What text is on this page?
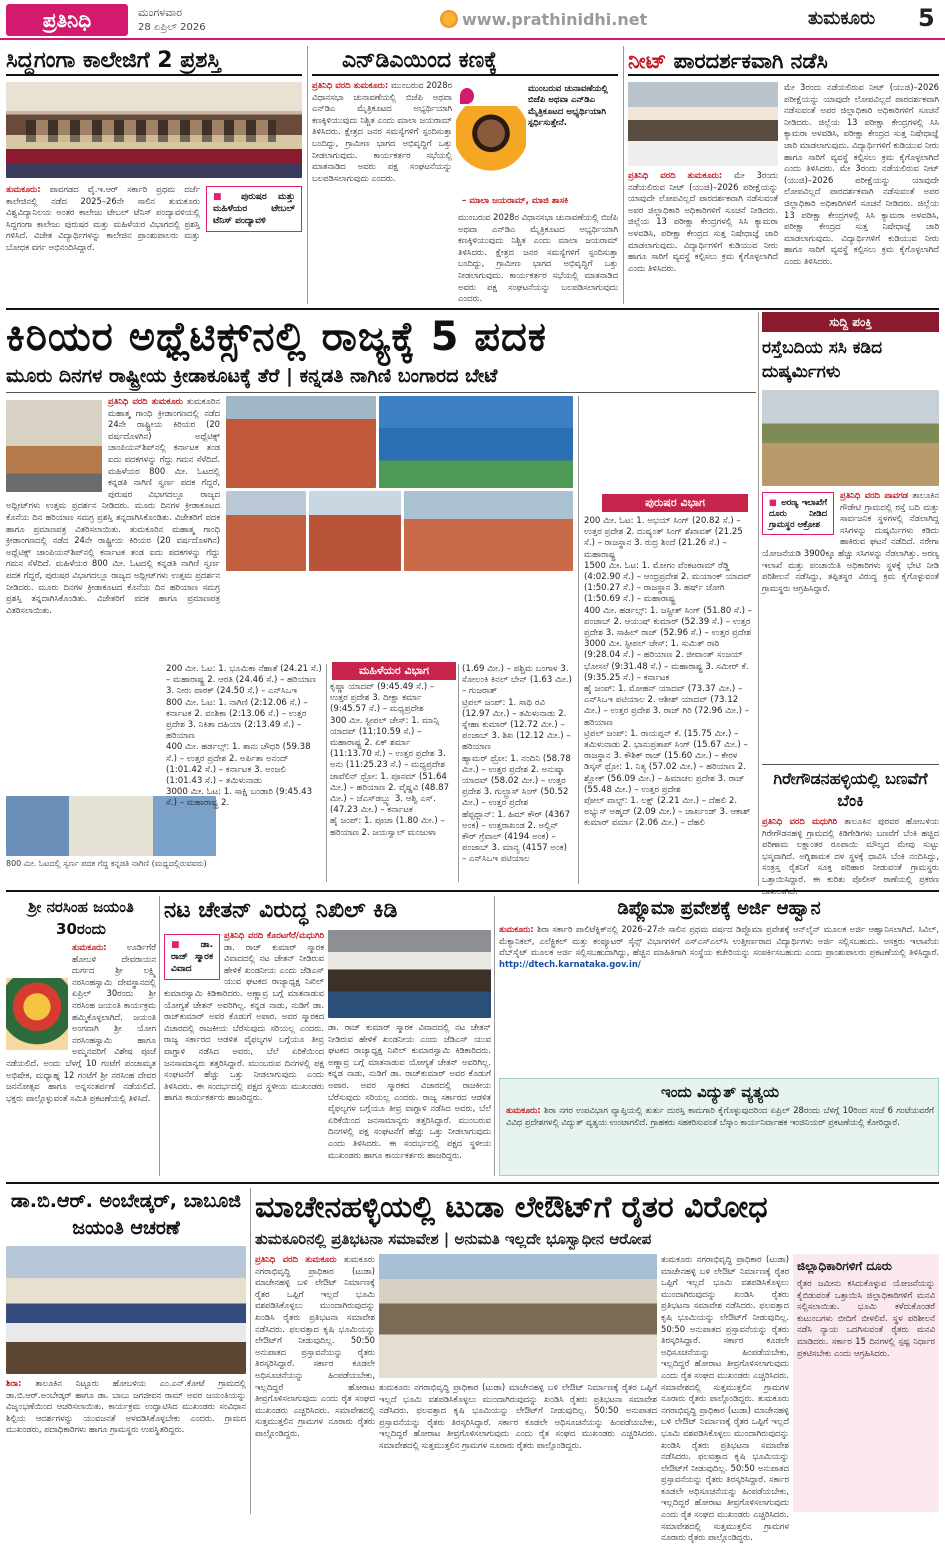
ಪ್ರತಿನಿಧಿ	ಮಂಗಳವಾರ
28 ಏಪ್ರಿಲ್ 2026	www.prathinidhi.net	ತುಮಕೂರು 5
ಸಿದ್ದಗಂಗಾ ಕಾಲೇಜಿಗೆ 2 ಪ್ರಶಸ್ತಿ
■ ಪುರುಷರ ಮತ್ತು ಮಹಿಳೆಯರ ಟೇಬಲ್ ಟೆನಿಸ್ ಪಂದ್ಯಾವಳಿ
ತುಮಕೂರು: ಪಾವಗಡದ ವೈ.ಇ.ಆರ್ ಸರ್ಕಾರಿ ಪ್ರಥಮ ದರ್ಜೆ ಕಾಲೇಜಿನಲ್ಲಿ ನಡೆದ 2025–26ನೇ ಸಾಲಿನ ತುಮಕೂರು ವಿಶ್ವವಿದ್ಯಾನಿಲಯ ಅಂತರ ಕಾಲೇಜು ಟೇಬಲ್ ಟೆನಿಸ್ ಪಂದ್ಯಾವಳಿಯಲ್ಲಿ ಸಿದ್ದಗಂಗಾ ಕಾಲೇಜು ಪುರುಷರ ಮತ್ತು ಮಹಿಳೆಯರ ವಿಭಾಗದಲ್ಲಿ ಪ್ರಶಸ್ತಿ ಗಳಿಸಿದೆ. ವಿಜೇತ ವಿದ್ಯಾರ್ಥಿಗಳನ್ನು ಕಾಲೇಜಿನ ಪ್ರಾಂಶುಪಾಲರು ಮತ್ತು ಬೋಧಕ ವರ್ಗ ಅಭಿನಂದಿಸಿದ್ದಾರೆ.
ಎನ್‌ಡಿಎಯಿಂದ ಕಣಕ್ಕೆ
ಪ್ರತಿನಿಧಿ ವರದಿ ತುಮಕೂರು: ಮುಂಬರುವ 2028ರ ವಿಧಾನಸಭಾ ಚುನಾವಣೆಯಲ್ಲಿ ಬಿಜೆಪಿ ಅಥವಾ ಎನ್‌ಡಿಎ ಮೈತ್ರಿಕೂಟದ ಅಭ್ಯರ್ಥಿಯಾಗಿ ಕಣಕ್ಕಿಳಿಯುವುದು ನಿಶ್ಚಿತ ಎಂದು ಮಾಲಾ ಜಯರಾಮ್ ತಿಳಿಸಿದರು. ಕ್ಷೇತ್ರದ ಜನರ ಸಮಸ್ಯೆಗಳಿಗೆ ಸ್ಪಂದಿಸುತ್ತಾ ಬಂದಿದ್ದು, ಗ್ರಾಮೀಣ ಭಾಗದ ಅಭಿವೃದ್ಧಿಗೆ ಒತ್ತು ನೀಡಲಾಗುವುದು. ಕಾರ್ಯಕರ್ತರ ಸಭೆಯಲ್ಲಿ ಮಾತನಾಡಿದ ಅವರು ಪಕ್ಷ ಸಂಘಟನೆಯನ್ನು ಬಲಪಡಿಸಲಾಗುವುದು ಎಂದರು.
ಮುಂಬರುವ ಚುನಾವಣೆಯಲ್ಲಿ ಬಿಜೆಪಿ ಅಥವಾ ಎನ್‌ಡಿಎ ಮೈತ್ರಿಕೂಟದ ಅಭ್ಯರ್ಥಿಯಾಗಿ ಸ್ಪರ್ಧಿಸುತ್ತೇನೆ.
– ಮಾಲಾ ಜಯರಾಮ್, ಮಾಜಿ ಶಾಸಕಿ
ಮುಂಬರುವ 2028ರ ವಿಧಾನಸಭಾ ಚುನಾವಣೆಯಲ್ಲಿ ಬಿಜೆಪಿ ಅಥವಾ ಎನ್‌ಡಿಎ ಮೈತ್ರಿಕೂಟದ ಅಭ್ಯರ್ಥಿಯಾಗಿ ಕಣಕ್ಕಿಳಿಯುವುದು ನಿಶ್ಚಿತ ಎಂದು ಮಾಲಾ ಜಯರಾಮ್ ತಿಳಿಸಿದರು. ಕ್ಷೇತ್ರದ ಜನರ ಸಮಸ್ಯೆಗಳಿಗೆ ಸ್ಪಂದಿಸುತ್ತಾ ಬಂದಿದ್ದು, ಗ್ರಾಮೀಣ ಭಾಗದ ಅಭಿವೃದ್ಧಿಗೆ ಒತ್ತು ನೀಡಲಾಗುವುದು. ಕಾರ್ಯಕರ್ತರ ಸಭೆಯಲ್ಲಿ ಮಾತನಾಡಿದ ಅವರು ಪಕ್ಷ ಸಂಘಟನೆಯನ್ನು ಬಲಪಡಿಸಲಾಗುವುದು ಎಂದರು.
ನೀಟ್ ಪಾರದರ್ಶಕವಾಗಿ ನಡೆಸಿ
ಪ್ರತಿನಿಧಿ ವರದಿ ತುಮಕೂರು: ಮೇ 3ರಂದು ನಡೆಯಲಿರುವ ನೀಟ್ (ಯುಜಿ)–2026 ಪರೀಕ್ಷೆಯನ್ನು ಯಾವುದೇ ಲೋಪವಿಲ್ಲದೆ ಪಾರದರ್ಶಕವಾಗಿ ನಡೆಸುವಂತೆ ಅಪರ ಜಿಲ್ಲಾಧಿಕಾರಿ ಅಧಿಕಾರಿಗಳಿಗೆ ಸೂಚನೆ ನೀಡಿದರು. ಜಿಲ್ಲೆಯ 13 ಪರೀಕ್ಷಾ ಕೇಂದ್ರಗಳಲ್ಲಿ ಸಿಸಿ ಕ್ಯಾಮರಾ ಅಳವಡಿಸಿ, ಪರೀಕ್ಷಾ ಕೇಂದ್ರದ ಸುತ್ತ ನಿಷೇಧಾಜ್ಞೆ ಜಾರಿ ಮಾಡಲಾಗುವುದು. ವಿದ್ಯಾರ್ಥಿಗಳಿಗೆ ಕುಡಿಯುವ ನೀರು ಹಾಗೂ ಸಾರಿಗೆ ವ್ಯವಸ್ಥೆ ಕಲ್ಪಿಸಲು ಕ್ರಮ ಕೈಗೊಳ್ಳಲಾಗಿದೆ ಎಂದು ತಿಳಿಸಿದರು.
ಮೇ 3ರಂದು ನಡೆಯಲಿರುವ ನೀಟ್ (ಯುಜಿ)–2026 ಪರೀಕ್ಷೆಯನ್ನು ಯಾವುದೇ ಲೋಪವಿಲ್ಲದೆ ಪಾರದರ್ಶಕವಾಗಿ ನಡೆಸುವಂತೆ ಅಪರ ಜಿಲ್ಲಾಧಿಕಾರಿ ಅಧಿಕಾರಿಗಳಿಗೆ ಸೂಚನೆ ನೀಡಿದರು. ಜಿಲ್ಲೆಯ 13 ಪರೀಕ್ಷಾ ಕೇಂದ್ರಗಳಲ್ಲಿ ಸಿಸಿ ಕ್ಯಾಮರಾ ಅಳವಡಿಸಿ, ಪರೀಕ್ಷಾ ಕೇಂದ್ರದ ಸುತ್ತ ನಿಷೇಧಾಜ್ಞೆ ಜಾರಿ ಮಾಡಲಾಗುವುದು. ವಿದ್ಯಾರ್ಥಿಗಳಿಗೆ ಕುಡಿಯುವ ನೀರು ಹಾಗೂ ಸಾರಿಗೆ ವ್ಯವಸ್ಥೆ ಕಲ್ಪಿಸಲು ಕ್ರಮ ಕೈಗೊಳ್ಳಲಾಗಿದೆ ಎಂದು ತಿಳಿಸಿದರು. ಮೇ 3ರಂದು ನಡೆಯಲಿರುವ ನೀಟ್ (ಯುಜಿ)–2026 ಪರೀಕ್ಷೆಯನ್ನು ಯಾವುದೇ ಲೋಪವಿಲ್ಲದೆ ಪಾರದರ್ಶಕವಾಗಿ ನಡೆಸುವಂತೆ ಅಪರ ಜಿಲ್ಲಾಧಿಕಾರಿ ಅಧಿಕಾರಿಗಳಿಗೆ ಸೂಚನೆ ನೀಡಿದರು. ಜಿಲ್ಲೆಯ 13 ಪರೀಕ್ಷಾ ಕೇಂದ್ರಗಳಲ್ಲಿ ಸಿಸಿ ಕ್ಯಾಮರಾ ಅಳವಡಿಸಿ, ಪರೀಕ್ಷಾ ಕೇಂದ್ರದ ಸುತ್ತ ನಿಷೇಧಾಜ್ಞೆ ಜಾರಿ ಮಾಡಲಾಗುವುದು. ವಿದ್ಯಾರ್ಥಿಗಳಿಗೆ ಕುಡಿಯುವ ನೀರು ಹಾಗೂ ಸಾರಿಗೆ ವ್ಯವಸ್ಥೆ ಕಲ್ಪಿಸಲು ಕ್ರಮ ಕೈಗೊಳ್ಳಲಾಗಿದೆ ಎಂದು ತಿಳಿಸಿದರು.
ಕಿರಿಯರ ಅಥ್ಲೆಟಿಕ್ಸ್‌ನಲ್ಲಿ ರಾಜ್ಯಕ್ಕೆ 5 ಪದಕ
ಮೂರು ದಿನಗಳ ರಾಷ್ಟ್ರೀಯ ಕ್ರೀಡಾಕೂಟಕ್ಕೆ ತೆರೆ | ಕನ್ನಡತಿ ನಾಗಿಣಿ ಬಂಗಾರದ ಬೇಟೆ
ಪ್ರತಿನಿಧಿ ವರದಿ ತುಮಕೂರು ತುಮಕೂರಿನ ಮಹಾತ್ಮ ಗಾಂಧಿ ಕ್ರೀಡಾಂಗಣದಲ್ಲಿ ನಡೆದ 24ನೇ ರಾಷ್ಟ್ರೀಯ ಕಿರಿಯರ (20 ವರ್ಷದೊಳಗಿನ) ಅಥ್ಲೆಟಿಕ್ಸ್ ಚಾಂಪಿಯನ್‌ಶಿಪ್‌ನಲ್ಲಿ ಕರ್ನಾಟಕ ತಂಡ ಐದು ಪದಕಗಳನ್ನು ಗೆದ್ದು ಗಮನ ಸೆಳೆದಿದೆ. ಮಹಿಳೆಯರ 800 ಮೀ. ಓಟದಲ್ಲಿ ಕನ್ನಡತಿ ನಾಗಿಣಿ ಸ್ವರ್ಣ ಪದಕ ಗೆದ್ದರೆ, ಪುರುಷರ ವಿಭಾಗದಲ್ಲೂ ರಾಜ್ಯದ ಅಥ್ಲೀಟ್‌ಗಳು ಉತ್ತಮ ಪ್ರದರ್ಶನ ನೀಡಿದರು. ಮೂರು ದಿನಗಳ ಕ್ರೀಡಾಕೂಟದ ಕೊನೆಯ ದಿನ ಹರಿಯಾಣ ಸಮಗ್ರ ಪ್ರಶಸ್ತಿ ತನ್ನದಾಗಿಸಿಕೊಂಡಿತು. ವಿಜೇತರಿಗೆ ಪದಕ ಹಾಗೂ ಪ್ರಮಾಣಪತ್ರ ವಿತರಿಸಲಾಯಿತು. ತುಮಕೂರಿನ ಮಹಾತ್ಮ ಗಾಂಧಿ ಕ್ರೀಡಾಂಗಣದಲ್ಲಿ ನಡೆದ 24ನೇ ರಾಷ್ಟ್ರೀಯ ಕಿರಿಯರ (20 ವರ್ಷದೊಳಗಿನ) ಅಥ್ಲೆಟಿಕ್ಸ್ ಚಾಂಪಿಯನ್‌ಶಿಪ್‌ನಲ್ಲಿ ಕರ್ನಾಟಕ ತಂಡ ಐದು ಪದಕಗಳನ್ನು ಗೆದ್ದು ಗಮನ ಸೆಳೆದಿದೆ. ಮಹಿಳೆಯರ 800 ಮೀ. ಓಟದಲ್ಲಿ ಕನ್ನಡತಿ ನಾಗಿಣಿ ಸ್ವರ್ಣ ಪದಕ ಗೆದ್ದರೆ, ಪುರುಷರ ವಿಭಾಗದಲ್ಲೂ ರಾಜ್ಯದ ಅಥ್ಲೀಟ್‌ಗಳು ಉತ್ತಮ ಪ್ರದರ್ಶನ ನೀಡಿದರು. ಮೂರು ದಿನಗಳ ಕ್ರೀಡಾಕೂಟದ ಕೊನೆಯ ದಿನ ಹರಿಯಾಣ ಸಮಗ್ರ ಪ್ರಶಸ್ತಿ ತನ್ನದಾಗಿಸಿಕೊಂಡಿತು. ವಿಜೇತರಿಗೆ ಪದಕ ಹಾಗೂ ಪ್ರಮಾಣಪತ್ರ ವಿತರಿಸಲಾಯಿತು.
800 ಮೀ. ಓಟದಲ್ಲಿ ಸ್ವರ್ಣ ಪದಕ ಗೆದ್ದ ಕನ್ನಡತಿ ನಾಗಿಣಿ (ಮಧ್ಯದಲ್ಲಿರುವವರು)

200 ಮೀ. ಓಟ: 1. ಭೂಮಿಕಾ ನೆಹಾತೆ (24.21 ಸೆ.) – ಮಹಾರಾಷ್ಟ್ರ 2. ಆರತಿ (24.46 ಸೆ.) – ಹರಿಯಾಣ 3. ನೀರು ಪಾಠಕ್ (24.50 ಸೆ.) – ಎನ್‌ಸಿಒಇ

800 ಮೀ. ಓಟ: 1. ನಾಗಿಣಿ (2:12.06 ಸೆ.) – ಕರ್ನಾಟಕ 2. ವಂಶಿಕಾ (2:13.06 ಸೆ.) – ಉತ್ತರ ಪ್ರದೇಶ 3. ನಿಕಿತಾ ದಹಿಯಾ (2:13.49 ಸೆ.) – ಹರಿಯಾಣ

400 ಮೀ. ಹರ್ಡಲ್ಸ್: 1. ತಾನು ಚೌಧರಿ (59.38 ಸೆ.) – ಉತ್ತರ ಪ್ರದೇಶ 2. ಅರ್ಪಿತಾ ಅನಂದ್ (1:01.42 ಸೆ.) – ಕರ್ನಾಟಕ 3. ಅಂಜಲಿ (1:01.43 ಸೆ.) – ತಮಿಳುನಾಡು

3000 ಮೀ. ಓಟ: 1. ಸಾಕ್ಷಿ ಬಂಡಾರಿ (9:45.43 ಸೆ.) – ಮಹಾರಾಷ್ಟ್ರ 2.

ಮಹಿಳೆಯರ ವಿಭಾಗ

ಕೃಷ್ಣಾ ಯಾದವ್ (9:45.49 ಸೆ.) – ಉತ್ತರ ಪ್ರದೇಶ 3. ದೀಕ್ಷಾ ಕರ್ಮಾ (9:45.57 ಸೆ.) – ಮಧ್ಯಪ್ರದೇಶ

300 ಮೀ. ಸ್ಟೀಪಲ್ ಚೇಸ್: 1. ಮಾನ್ಸಿ ಯಾದವ್ (11:10.59 ಸೆ.) – ಮಹಾರಾಷ್ಟ್ರ 2. ಏಕ್ ಶರ್ಮಾ (11:13.70 ಸೆ.) – ಉತ್ತರ ಪ್ರದೇಶ 3. ಅನು (11:25.23 ಸೆ.) – ಮಧ್ಯಪ್ರದೇಶ

ಜಾವೆಲಿನ್ ಥ್ರೋ: 1. ಪೂನಮ್ (51.64 ಮೀ.) – ಹರಿಯಾಣ 2. ವೈಷ್ಣವಿ (48.87 ಮೀ.) – ಜೆಎಸ್‌ಡಬ್ಲ್ಯು 3. ಆಶ್ವಿ ಎಸ್. (47.23 ಮೀ.) – ಕರ್ನಾಟಕ

ಹೈ ಜಂಪ್: 1. ಪೂಜಾ (1.80 ಮೀ.) – ಹರಿಯಾಣ 2. ಜಯಸ್ವಾಲ್ ಮಂಜುಳಾ

(1.69 ಮೀ.) – ಪಶ್ಚಿಮ ಬಂಗಾಳ 3. ಸೋಲಂಕಿ ಕಿನಲ್ ಬೇನ್ (1.63 ಮೀ.) – ಗುಜರಾತ್

ಟ್ರಿಪಲ್ ಜಂಪ್: 1. ಸಾಥಿ ರವಿ (12.97 ಮೀ.) – ತಮಿಳುನಾಡು 2. ಸ್ನೇಹಾ ಕುಮಾರ್ (12.72 ಮೀ.) – ಪಂಜಾಬ್ 3. ಶಿಖ (12.12 ಮೀ.) – ಹರಿಯಾಣ

ಹ್ಯಾಮರ್ ಥ್ರೋ: 1. ನಂದಿನಿ (58.78 ಮೀ.) – ಉತ್ತರ ಪ್ರದೇಶ 2. ಅನುಷ್ಕಾ ಯಾದವ್ (58.02 ಮೀ.) – ಉತ್ತರ ಪ್ರದೇಶ 3. ಗುಲ್ಬ್ರಾಸ್ ಸಿಂಗ್ (50.52 ಮೀ.) – ಉತ್ತರ ಪ್ರದೇಶ

ಹೆಪ್ಟಥ್ಲಾನ್: 1. ಹಿಮ್ ಕೌರ್ (4367 ಅಂಕ) – ಉತ್ತರಾಖಂಡ 2. ಅಲ್ಲಿನ್ ಕೌರ್ ಗ್ರೆವಾಲ್ (4194 ಅಂಕ) – ಪಂಜಾಬ್ 3. ಮಾನ್ಯ (4157 ಅಂಕ) – ಎನ್‌ಸಿಒಇ ಪಟಿಯಾಲ

ಪುರುಷರ ವಿಭಾಗ

200 ಮೀ. ಓಟ: 1. ಅಭಯ್ ಸಿಂಗ್ (20.82 ಸೆ.) – ಉತ್ತರ ಪ್ರದೇಶ 2. ದುಷ್ಯಂತ್ ಸಿಂಗ್ ಶೆಖಾವತ್ (21.25 ಸೆ.) – ರಾಜಸ್ಥಾನ 3. ರುದ್ರ ಶಿಂದೆ (21.26 ಸೆ.) – ಮಹಾರಾಷ್ಟ್ರ

1500 ಮೀ. ಓಟ: 1. ಮೋಗಂ ವೆಂಕಟರಾಮ್ ರೆಡ್ಡಿ (4:02.90 ಸೆ.) – ಆಂಧ್ರಪ್ರದೇಶ 2. ಮಯಾಂಕ್ ಯಾದವ್ (1:50.27 ಸೆ.) – ರಾಜಸ್ಥಾನ 3. ಹರ್ಷ್ ಜೋಗಿ (1:50.69 ಸೆ.) – ಮಹಾರಾಷ್ಟ್ರ

400 ಮೀ. ಹರ್ಡಲ್ಸ್: 1. ಜಸ್ಪ್ರೀತ್ ಸಿಂಗ್ (51.80 ಸೆ.) – ಪಂಜಾಬ್ 2. ಆಯುಷ್ ಕುಮಾರ್ (52.39 ಸೆ.) – ಉತ್ತರ ಪ್ರದೇಶ 3. ಸಾಹಿಲ್ ರಾಜ್ (52.96 ಸೆ.) – ಉತ್ತರ ಪ್ರದೇಶ

3000 ಮೀ. ಸ್ಟೀಪಲ್ ಚೇಸ್: 1. ಸುಮಿತ್ ರಾಠಿ (9:28.04 ಸೆ.) – ಹರಿಯಾಣ 2. ಜೀವಾಂತ್ ಸಂಜಯ್ ಭೋಸಲೆ (9:31.48 ಸೆ.) – ಮಹಾರಾಷ್ಟ್ರ 3. ಸಮೀರ್ ಕೆ. (9:35.25 ಸೆ.) – ಕರ್ನಾಟಕ

ಹೈ ಜಂಪ್: 1. ಮೋಹನ್ ಯಾದವ್ (73.37 ಮೀ.) – ಎನ್‌ಸಿಒಇ ಪಟಿಯಾಲ 2. ಆಶೀಶ್ ಯಾದವ್ (73.12 ಮೀ.) – ಉತ್ತರ ಪ್ರದೇಶ 3. ರಾಜ್ ಗಿರಿ (72.96 ಮೀ.) – ಹರಿಯಾಣ

ಟ್ರಿಪಲ್ ಜಂಪ್: 1. ರಾಯಪ್ಪನ್ ಕೆ. (15.75 ಮೀ.) – ತಮಿಳುನಾಡು 2. ಭಾನುಪ್ರತಾಪ್ ಸಿಂಗ್ (15.67 ಮೀ.) – ರಾಜಸ್ಥಾನ 3. ಕೌಶಿಕ್ ರಾಜ್ (15.60 ಮೀ.) – ಕೇರಳ

ಡಿಸ್ಕಸ್ ಥ್ರೋ: 1. ನಿತ್ಯ (57.02 ಮೀ.) – ಹರಿಯಾಣ 2. ಶ್ಲೋಕ್ (56.09 ಮೀ.) – ಹಿಮಾಚಲ ಪ್ರದೇಶ 3. ರಾಜ್ (55.48 ಮೀ.) – ಉತ್ತರ ಪ್ರದೇಶ

ಪೋಲ್ ವಾಲ್ಟ್: 1. ಲಕ್ಷ್ (2.21 ಮೀ.) – ದೆಹಲಿ 2. ಅಭ್ಯುಸ್ ಅಹ್ಮದ್ (2.09 ಮೀ.) – ಜಾರ್ಖಂಡ್ 3. ಆಕಾಶ್ ಕುಮಾರ್ ವರ್ಮಾ (2.06 ಮೀ.) – ದೆಹಲಿ

ಸುದ್ದಿ ಪಂಕ್ತಿ
ರಸ್ತೆಬದಿಯ ಸಸಿ ಕಡಿದ ದುಷ್ಕರ್ಮಿಗಳು
■ ಅರಣ್ಯ ಇಲಾಖೆಗೆ ದೂರು ನೀಡಿದ ಗ್ರಾಮಸ್ಥರ ಆಕ್ರೋಶ
ಪ್ರತಿನಿಧಿ ವರದಿ ಪಾವಗಡ ತಾಲೂಕಿನ ಗೌಡೇಟಿ ಗ್ರಾಮದಲ್ಲಿ ರಸ್ತೆ ಬದಿ ಮತ್ತು ಸಾರ್ವಜನಿಕ ಸ್ಥಳಗಳಲ್ಲಿ ನೆಡಲಾಗಿದ್ದ ಸಸಿಗಳನ್ನು ದುಷ್ಕರ್ಮಿಗಳು ಕಡಿದು ಹಾಕಿರುವ ಘಟನೆ ನಡೆದಿದೆ. ನರೇಗಾ ಯೋಜನೆಯಡಿ 3900ಕ್ಕೂ ಹೆಚ್ಚು ಸಸಿಗಳನ್ನು ನೆಡಲಾಗಿತ್ತು. ಅರಣ್ಯ ಇಲಾಖೆ ಮತ್ತು ಪಂಚಾಯಿತಿ ಅಧಿಕಾರಿಗಳು ಸ್ಥಳಕ್ಕೆ ಭೇಟಿ ನೀಡಿ ಪರಿಶೀಲನೆ ನಡೆಸಿದ್ದು, ತಪ್ಪಿತಸ್ಥರ ವಿರುದ್ಧ ಕ್ರಮ ಕೈಗೊಳ್ಳುವಂತೆ ಗ್ರಾಮಸ್ಥರು ಆಗ್ರಹಿಸಿದ್ದಾರೆ.
ಗಿರೇಗೌಡನಹಳ್ಳಿಯಲ್ಲಿ ಬಣವೆಗೆ ಬೆಂಕಿ
ಪ್ರತಿನಿಧಿ ವರದಿ ಮಧುಗಿರಿ ತಾಲೂಕಿನ ಪುರವರ ಹೋಬಳಿಯ ಗಿರೇಗೌಡನಹಳ್ಳಿ ಗ್ರಾಮದಲ್ಲಿ ಕಿಡಿಗೇಡಿಗಳು ಬಣವೆಗೆ ಬೆಂಕಿ ಹಚ್ಚಿದ ಪರಿಣಾಮ ಲಕ್ಷಾಂತರ ರೂಪಾಯಿ ಮೌಲ್ಯದ ಮೇವು ಸುಟ್ಟು ಭಸ್ಮವಾಗಿದೆ. ಅಗ್ನಿಶಾಮಕ ದಳ ಸ್ಥಳಕ್ಕೆ ಧಾವಿಸಿ ಬೆಂಕಿ ನಂದಿಸಿದ್ದು, ಸಂತ್ರಸ್ತ ರೈತನಿಗೆ ಸೂಕ್ತ ಪರಿಹಾರ ನೀಡುವಂತೆ ಗ್ರಾಮಸ್ಥರು ಒತ್ತಾಯಿಸಿದ್ದಾರೆ. ಈ ಕುರಿತು ಪೊಲೀಸ್ ಠಾಣೆಯಲ್ಲಿ ಪ್ರಕರಣ
ಶ್ರೀ ನರಸಿಂಹ ಜಯಂತಿ 30ರಂದು
ತುಮಕೂರು: ಊರ್ಡಿಗೆರೆ ಹೋಬಳಿ ದೇವರಾಯನ ದುರ್ಗದ ಶ್ರೀ ಲಕ್ಷ್ಮಿ ನರಸಿಂಹಸ್ವಾಮಿ ದೇವಸ್ಥಾನದಲ್ಲಿ ಏಪ್ರಿಲ್ 30ರಂದು ಶ್ರೀ ನರಸಿಂಹ ಜಯಂತಿ ಕಾರ್ಯಕ್ರಮ ಹಮ್ಮಿಕೊಳ್ಳಲಾಗಿದೆ. ಜಯಂತಿ ಅಂಗವಾಗಿ ಶ್ರೀ ಯೋಗ ನರಸಿಂಹಸ್ವಾಮಿ ಹಾಗೂ ಅಮ್ಮನವರಿಗೆ ವಿಶೇಷ ಪೂಜೆ ನಡೆಯಲಿದೆ. ಅಂದು ಬೆಳಗ್ಗೆ 10 ಗಂಟೆಗೆ ಪಂಚಾಮೃತ ಅಭಿಷೇಕ, ಮಧ್ಯಾಹ್ನ 12 ಗಂಟೆಗೆ ಶ್ರೀ ನರಸಿಂಹ ದೇವರ ಜನನೋತ್ಸವ ಹಾಗೂ ಅನ್ನಸಂತರ್ಪಣೆ ನಡೆಯಲಿದೆ. ಭಕ್ತರು ಪಾಲ್ಗೊಳ್ಳುವಂತೆ ಸಮಿತಿ ಪ್ರಕಟಣೆಯಲ್ಲಿ ತಿಳಿಸಿದೆ.
ನಟ ಚೇತನ್ ವಿರುದ್ಧ ನಿಖಿಲ್ ಕಿಡಿ
ಪ್ರತಿನಿಧಿ ವರದಿ ಕೊರಟಗೆರೆ/ಮಧುಗಿರಿ
■ ಡಾ. ರಾಜ್ ಸ್ಮಾರಕ ವಿವಾದ
ಡಾ. ರಾಜ್ ಕುಮಾರ್ ಸ್ಮಾರಕ ವಿವಾದದಲ್ಲಿ ನಟ ಚೇತನ್ ನೀಡಿರುವ ಹೇಳಿಕೆ ಖಂಡನೀಯ ಎಂದು ಜೆಡಿಎಸ್ ಯುವ ಘಟಕದ ರಾಜ್ಯಾಧ್ಯಕ್ಷ ನಿಖಿಲ್ ಕುಮಾರಸ್ವಾಮಿ ಕಿಡಿಕಾರಿದರು. ಅಣ್ಣಾವ್ರ ಬಗ್ಗೆ ಮಾತನಾಡುವ ಯೋಗ್ಯತೆ ಚೇತನ್ ಅವರಿಗಿಲ್ಲ. ಕನ್ನಡ ನಾಡು, ನುಡಿಗೆ ಡಾ. ರಾಜ್‌ಕುಮಾರ್ ಅವರ ಕೊಡುಗೆ ಅಪಾರ. ಅವರ ಸ್ಮಾರಕದ ವಿಚಾರದಲ್ಲಿ ರಾಜಕೀಯ ಬೆರೆಸುವುದು ಸರಿಯಲ್ಲ ಎಂದರು. ರಾಜ್ಯ ಸರ್ಕಾರದ ಆಡಳಿತ ವೈಫಲ್ಯಗಳ ಬಗ್ಗೆಯೂ ತೀವ್ರ ವಾಗ್ದಾಳಿ ನಡೆಸಿದ ಅವರು, ಬೆಲೆ ಏರಿಕೆಯಿಂದ ಜನಸಾಮಾನ್ಯರು ತತ್ತರಿಸಿದ್ದಾರೆ. ಮುಂಬರುವ ದಿನಗಳಲ್ಲಿ ಪಕ್ಷ ಸಂಘಟನೆಗೆ ಹೆಚ್ಚು ಒತ್ತು ನೀಡಲಾಗುವುದು ಎಂದು ತಿಳಿಸಿದರು. ಈ ಸಂದರ್ಭದಲ್ಲಿ ಪಕ್ಷದ ಸ್ಥಳೀಯ ಮುಖಂಡರು ಹಾಗೂ ಕಾರ್ಯಕರ್ತರು ಹಾಜರಿದ್ದರು.
ಡಾ. ರಾಜ್ ಕುಮಾರ್ ಸ್ಮಾರಕ ವಿವಾದದಲ್ಲಿ ನಟ ಚೇತನ್ ನೀಡಿರುವ ಹೇಳಿಕೆ ಖಂಡನೀಯ ಎಂದು ಜೆಡಿಎಸ್ ಯುವ ಘಟಕದ ರಾಜ್ಯಾಧ್ಯಕ್ಷ ನಿಖಿಲ್ ಕುಮಾರಸ್ವಾಮಿ ಕಿಡಿಕಾರಿದರು. ಅಣ್ಣಾವ್ರ ಬಗ್ಗೆ ಮಾತನಾಡುವ ಯೋಗ್ಯತೆ ಚೇತನ್ ಅವರಿಗಿಲ್ಲ. ಕನ್ನಡ ನಾಡು, ನುಡಿಗೆ ಡಾ. ರಾಜ್‌ಕುಮಾರ್ ಅವರ ಕೊಡುಗೆ ಅಪಾರ. ಅವರ ಸ್ಮಾರಕದ ವಿಚಾರದಲ್ಲಿ ರಾಜಕೀಯ ಬೆರೆಸುವುದು ಸರಿಯಲ್ಲ ಎಂದರು. ರಾಜ್ಯ ಸರ್ಕಾರದ ಆಡಳಿತ ವೈಫಲ್ಯಗಳ ಬಗ್ಗೆಯೂ ತೀವ್ರ ವಾಗ್ದಾಳಿ ನಡೆಸಿದ ಅವರು, ಬೆಲೆ ಏರಿಕೆಯಿಂದ ಜನಸಾಮಾನ್ಯರು ತತ್ತರಿಸಿದ್ದಾರೆ. ಮುಂಬರುವ ದಿನಗಳಲ್ಲಿ ಪಕ್ಷ ಸಂಘಟನೆಗೆ ಹೆಚ್ಚು ಒತ್ತು ನೀಡಲಾಗುವುದು ಎಂದು ತಿಳಿಸಿದರು. ಈ ಸಂದರ್ಭದಲ್ಲಿ ಪಕ್ಷದ ಸ್ಥಳೀಯ ಮುಖಂಡರು ಹಾಗೂ ಕಾರ್ಯಕರ್ತರು ಹಾಜರಿದ್ದರು.
ಡಿಪ್ಲೊಮಾ ಪ್ರವೇಶಕ್ಕೆ ಅರ್ಜಿ ಆಹ್ವಾನ
ತುಮಕೂರು: ಶಿರಾ ಸರ್ಕಾರಿ ಪಾಲಿಟೆಕ್ನಿಕ್‌ನಲ್ಲಿ 2026–27ನೇ ಸಾಲಿನ ಪ್ರಥಮ ವರ್ಷದ ಡಿಪ್ಲೊಮಾ ಪ್ರವೇಶಕ್ಕೆ ಆನ್‌ಲೈನ್ ಮೂಲಕ ಅರ್ಜಿ ಆಹ್ವಾನಿಸಲಾಗಿದೆ. ಸಿವಿಲ್, ಮೆಕ್ಯಾನಿಕಲ್, ಎಲೆಕ್ಟ್ರಿಕಲ್ ಮತ್ತು ಕಂಪ್ಯೂಟರ್ ಸೈನ್ಸ್ ವಿಭಾಗಗಳಿಗೆ ಎಸ್‌ಎಸ್‌ಎಲ್‌ಸಿ ಉತ್ತೀರ್ಣರಾದ ವಿದ್ಯಾರ್ಥಿಗಳು ಅರ್ಜಿ ಸಲ್ಲಿಸಬಹುದು. ಆಸಕ್ತರು ಇಲಾಖೆಯ ವೆಬ್‌ಸೈಟ್ ಮೂಲಕ ಅರ್ಜಿ ಸಲ್ಲಿಸಬಹುದಾಗಿದ್ದು, ಹೆಚ್ಚಿನ ಮಾಹಿತಿಗಾಗಿ ಸಂಸ್ಥೆಯ ಕಚೇರಿಯನ್ನು ಸಂಪರ್ಕಿಸಬಹುದು ಎಂದು ಪ್ರಾಂಶುಪಾಲರು ಪ್ರಕಟಣೆಯಲ್ಲಿ ತಿಳಿಸಿದ್ದಾರೆ. http://dtech.karnataka.gov.in/
ಇಂದು ವಿದ್ಯುತ್ ವ್ಯತ್ಯಯ
ತುಮಕೂರು: ಶಿರಾ ನಗರ ಉಪವಿಭಾಗ ವ್ಯಾಪ್ತಿಯಲ್ಲಿ ತುರ್ತು ದುರಸ್ತಿ ಕಾಮಗಾರಿ ಕೈಗೊಳ್ಳುವುದರಿಂದ ಏಪ್ರಿಲ್ 28ರಂದು ಬೆಳಿಗ್ಗೆ 10ರಿಂದ ಸಂಜೆ 6 ಗಂಟೆಯವರೆಗೆ ವಿವಿಧ ಪ್ರದೇಶಗಳಲ್ಲಿ ವಿದ್ಯುತ್ ವ್ಯತ್ಯಯ ಉಂಟಾಗಲಿದೆ. ಗ್ರಾಹಕರು ಸಹಕರಿಸುವಂತೆ ಬೆಸ್ಕಾಂ ಕಾರ್ಯನಿರ್ವಾಹಕ ಇಂಜಿನಿಯರ್ ಪ್ರಕಟಣೆಯಲ್ಲಿ ಕೋರಿದ್ದಾರೆ.
ಡಾ.ಬಿ.ಆರ್. ಅಂಬೇಡ್ಕರ್, ಬಾಬೂಜಿ ಜಯಂತಿ ಆಚರಣೆ
ಶಿರಾ: ತಾಲೂಕಿನ ನಿಟ್ಟೂರು ಹೋಬಳಿಯ ಎಂ.ಎನ್.ಕೋಟೆ ಗ್ರಾಮದಲ್ಲಿ ಡಾ.ಬಿ.ಆರ್.ಅಂಬೇಡ್ಕರ್ ಹಾಗೂ ಡಾ. ಬಾಬು ಜಗಜೀವನ ರಾಮ್ ಅವರ ಜಯಂತಿಯನ್ನು ವಿಜೃಂಭಣೆಯಿಂದ ಆಚರಿಸಲಾಯಿತು. ಕಾರ್ಯಕ್ರಮ ಉದ್ಘಾಟಿಸಿದ ಮುಖಂಡರು ಸಂವಿಧಾನ ಶಿಲ್ಪಿಯ ಆದರ್ಶಗಳನ್ನು ಯುವಜನತೆ ಅಳವಡಿಸಿಕೊಳ್ಳಬೇಕು ಎಂದರು. ಗ್ರಾಮದ ಮುಖಂಡರು, ಪದಾಧಿಕಾರಿಗಳು ಹಾಗೂ ಗ್ರಾಮಸ್ಥರು ಉಪಸ್ಥಿತರಿದ್ದರು.
ಮಾಚೇನಹಳ್ಳಿಯಲ್ಲಿ ಟುಡಾ ಲೇಔಟ್‌ಗೆ ರೈತರ ವಿರೋಧ
ತುಮಕೂರಿನಲ್ಲಿ ಪ್ರತಿಭಟನಾ ಸಮಾವೇಶ | ಅನುಮತಿ ಇಲ್ಲದೇ ಭೂಸ್ವಾಧೀನ ಆರೋಪ
ಪ್ರತಿನಿಧಿ ವರದಿ ತುಮಕೂರು ತುಮಕೂರು ನಗರಾಭಿವೃದ್ಧಿ ಪ್ರಾಧಿಕಾರ (ಟುಡಾ) ಮಾಚೇನಹಳ್ಳಿ ಬಳಿ ಲೇಔಟ್ ನಿರ್ಮಾಣಕ್ಕೆ ರೈತರ ಒಪ್ಪಿಗೆ ಇಲ್ಲದೆ ಭೂಮಿ ವಶಪಡಿಸಿಕೊಳ್ಳಲು ಮುಂದಾಗಿರುವುದನ್ನು ಖಂಡಿಸಿ ರೈತರು ಪ್ರತಿಭಟನಾ ಸಮಾವೇಶ ನಡೆಸಿದರು. ಫಲವತ್ತಾದ ಕೃಷಿ ಭೂಮಿಯನ್ನು ಲೇಔಟ್‌ಗೆ ನೀಡುವುದಿಲ್ಲ. 50:50 ಅನುಪಾತದ ಪ್ರಸ್ತಾವನೆಯನ್ನು ರೈತರು ತಿರಸ್ಕರಿಸಿದ್ದಾರೆ. ಸರ್ಕಾರ ಕೂಡಲೇ ಅಧಿಸೂಚನೆಯನ್ನು ಹಿಂಪಡೆಯಬೇಕು, ಇಲ್ಲದಿದ್ದರೆ ಹೋರಾಟ ತೀವ್ರಗೊಳಿಸಲಾಗುವುದು ಎಂದು ರೈತ ಸಂಘದ ಮುಖಂಡರು ಎಚ್ಚರಿಸಿದರು. ಸಮಾವೇಶದಲ್ಲಿ ಸುತ್ತಮುತ್ತಲಿನ ಗ್ರಾಮಗಳ ನೂರಾರು ರೈತರು ಪಾಲ್ಗೊಂಡಿದ್ದರು.
ತುಮಕೂರು ನಗರಾಭಿವೃದ್ಧಿ ಪ್ರಾಧಿಕಾರ (ಟುಡಾ) ಮಾಚೇನಹಳ್ಳಿ ಬಳಿ ಲೇಔಟ್ ನಿರ್ಮಾಣಕ್ಕೆ ರೈತರ ಒಪ್ಪಿಗೆ ಇಲ್ಲದೆ ಭೂಮಿ ವಶಪಡಿಸಿಕೊಳ್ಳಲು ಮುಂದಾಗಿರುವುದನ್ನು ಖಂಡಿಸಿ ರೈತರು ಪ್ರತಿಭಟನಾ ಸಮಾವೇಶ ನಡೆಸಿದರು. ಫಲವತ್ತಾದ ಕೃಷಿ ಭೂಮಿಯನ್ನು ಲೇಔಟ್‌ಗೆ ನೀಡುವುದಿಲ್ಲ. 50:50 ಅನುಪಾತದ ಪ್ರಸ್ತಾವನೆಯನ್ನು ರೈತರು ತಿರಸ್ಕರಿಸಿದ್ದಾರೆ. ಸರ್ಕಾರ ಕೂಡಲೇ ಅಧಿಸೂಚನೆಯನ್ನು ಹಿಂಪಡೆಯಬೇಕು, ಇಲ್ಲದಿದ್ದರೆ ಹೋರಾಟ ತೀವ್ರಗೊಳಿಸಲಾಗುವುದು ಎಂದು ರೈತ ಸಂಘದ ಮುಖಂಡರು ಎಚ್ಚರಿಸಿದರು. ಸಮಾವೇಶದಲ್ಲಿ ಸುತ್ತಮುತ್ತಲಿನ ಗ್ರಾಮಗಳ ನೂರಾರು ರೈತರು ಪಾಲ್ಗೊಂಡಿದ್ದರು.
ತುಮಕೂರು ನಗರಾಭಿವೃದ್ಧಿ ಪ್ರಾಧಿಕಾರ (ಟುಡಾ) ಮಾಚೇನಹಳ್ಳಿ ಬಳಿ ಲೇಔಟ್ ನಿರ್ಮಾಣಕ್ಕೆ ರೈತರ ಒಪ್ಪಿಗೆ ಇಲ್ಲದೆ ಭೂಮಿ ವಶಪಡಿಸಿಕೊಳ್ಳಲು ಮುಂದಾಗಿರುವುದನ್ನು ಖಂಡಿಸಿ ರೈತರು ಪ್ರತಿಭಟನಾ ಸಮಾವೇಶ ನಡೆಸಿದರು. ಫಲವತ್ತಾದ ಕೃಷಿ ಭೂಮಿಯನ್ನು ಲೇಔಟ್‌ಗೆ ನೀಡುವುದಿಲ್ಲ. 50:50 ಅನುಪಾತದ ಪ್ರಸ್ತಾವನೆಯನ್ನು ರೈತರು ತಿರಸ್ಕರಿಸಿದ್ದಾರೆ. ಸರ್ಕಾರ ಕೂಡಲೇ ಅಧಿಸೂಚನೆಯನ್ನು ಹಿಂಪಡೆಯಬೇಕು, ಇಲ್ಲದಿದ್ದರೆ ಹೋರಾಟ ತೀವ್ರಗೊಳಿಸಲಾಗುವುದು ಎಂದು ರೈತ ಸಂಘದ ಮುಖಂಡರು ಎಚ್ಚರಿಸಿದರು. ಸಮಾವೇಶದಲ್ಲಿ ಸುತ್ತಮುತ್ತಲಿನ ಗ್ರಾಮಗಳ ನೂರಾರು ರೈತರು ಪಾಲ್ಗೊಂಡಿದ್ದರು. ತುಮಕೂರು ನಗರಾಭಿವೃದ್ಧಿ ಪ್ರಾಧಿಕಾರ (ಟುಡಾ) ಮಾಚೇನಹಳ್ಳಿ ಬಳಿ ಲೇಔಟ್ ನಿರ್ಮಾಣಕ್ಕೆ ರೈತರ ಒಪ್ಪಿಗೆ ಇಲ್ಲದೆ ಭೂಮಿ ವಶಪಡಿಸಿಕೊಳ್ಳಲು ಮುಂದಾಗಿರುವುದನ್ನು ಖಂಡಿಸಿ ರೈತರು ಪ್ರತಿಭಟನಾ ಸಮಾವೇಶ ನಡೆಸಿದರು. ಫಲವತ್ತಾದ ಕೃಷಿ ಭೂಮಿಯನ್ನು ಲೇಔಟ್‌ಗೆ ನೀಡುವುದಿಲ್ಲ. 50:50 ಅನುಪಾತದ ಪ್ರಸ್ತಾವನೆಯನ್ನು ರೈತರು ತಿರಸ್ಕರಿಸಿದ್ದಾರೆ. ಸರ್ಕಾರ ಕೂಡಲೇ ಅಧಿಸೂಚನೆಯನ್ನು ಹಿಂಪಡೆಯಬೇಕು, ಇಲ್ಲದಿದ್ದರೆ ಹೋರಾಟ ತೀವ್ರಗೊಳಿಸಲಾಗುವುದು ಎಂದು ರೈತ ಸಂಘದ ಮುಖಂಡರು ಎಚ್ಚರಿಸಿದರು. ಸಮಾವೇಶದಲ್ಲಿ ಸುತ್ತಮುತ್ತಲಿನ ಗ್ರಾಮಗಳ ನೂರಾರು ರೈತರು ಪಾಲ್ಗೊಂಡಿದ್ದರು.
ಜಿಲ್ಲಾಧಿಕಾರಿಗಳಿಗೆ ದೂರು
ರೈತರ ಜಮೀನು ಕಸಿದುಕೊಳ್ಳುವ ಯೋಜನೆಯನ್ನು ಕೈಬಿಡುವಂತೆ ಒತ್ತಾಯಿಸಿ ಜಿಲ್ಲಾಧಿಕಾರಿಗಳಿಗೆ ಮನವಿ ಸಲ್ಲಿಸಲಾಯಿತು. ಭೂಮಿ ಕಳೆದುಕೊಂಡರೆ ಕುಟುಂಬಗಳು ಬೀದಿಗೆ ಬೀಳಲಿವೆ. ಸ್ಥಳ ಪರಿಶೀಲನೆ ನಡೆಸಿ ನ್ಯಾಯ ಒದಗಿಸುವಂತೆ ರೈತರು ಮನವಿ ಮಾಡಿದರು. ಸರ್ಕಾರ 15 ದಿನಗಳಲ್ಲಿ ಸ್ಪಷ್ಟ ನಿರ್ಧಾರ ಪ್ರಕಟಿಸಬೇಕು ಎಂದು ಆಗ್ರಹಿಸಿದರು.
